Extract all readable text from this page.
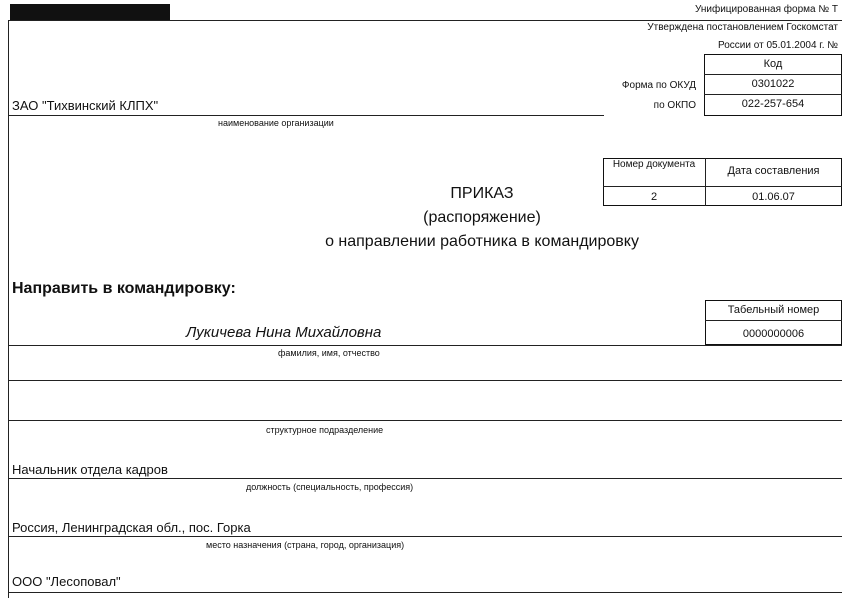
Унифицированная форма № Т
Утверждена постановлением Госкомстат
России от 05.01.2004 г. №
Код
0301022
022-257-654
Форма по ОКУД
по ОКПО
ЗАО "Тихвинский КЛПХ"
наименование организации
Номер документа
Дата составления
2	01.06.07
ПРИКАЗ
(распоряжение)
о направлении работника в командировку
Направить в командировку:
Табельный номер
0000000006
Лукичева Нина Михайловна
фамилия, имя, отчество
структурное подразделение
Начальник отдела кадров
должность (специальность, профессия)
Россия, Ленинградская обл., пос. Горка
место назначения (страна, город, организация)
ООО "Лесоповал"
